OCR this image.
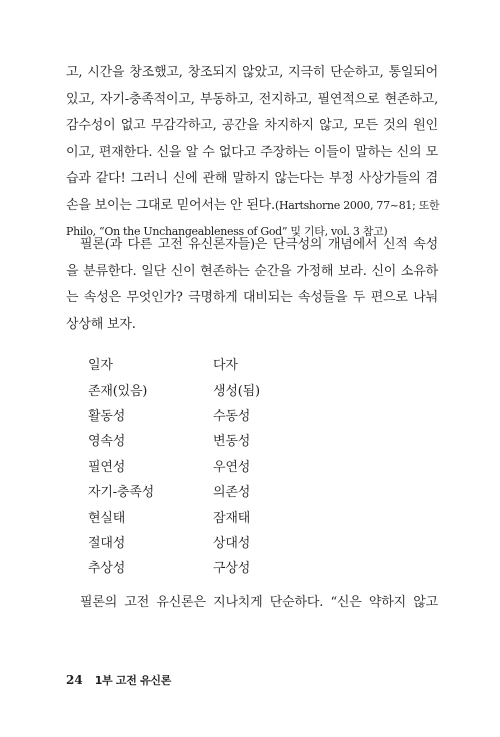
고, 시간을 창조했고, 창조되지 않았고, 지극히 단순하고, 통일되어
있고, 자기-충족적이고, 부동하고, 전지하고, 필연적으로 현존하고,
감수성이 없고 무감각하고, 공간을 차지하지 않고, 모든 것의 원인
이고, 편재한다. 신을 알 수 없다고 주장하는 이들이 말하는 신의 모
습과 같다! 그러니 신에 관해 말하지 않는다는 부정 사상가들의 겸
손을 보이는 그대로 믿어서는 안 된다.(Hartshorne 2000, 77~81; 또한
Philo, “On the Unchangeableness of God” 및 기타, vol. 3 참고)
필론(과 다른 고전 유신론자들)은 단극성의 개념에서 신적 속성
을 분류한다. 일단 신이 현존하는 순간을 가정해 보라. 신이 소유하
는 속성은 무엇인가? 극명하게 대비되는 속성들을 두 편으로 나눠
상상해 보자.
일자	다자
존재(있음)	생성(됨)
활동성	수동성
영속성	변동성
필연성	우연성
자기-충족성	의존성
현실태	잠재태
절대성	상대성
추상성	구상성
필론의 고전 유신론은 지나치게 단순하다. “신은 약하지 않고
24 1부 고전 유신론
